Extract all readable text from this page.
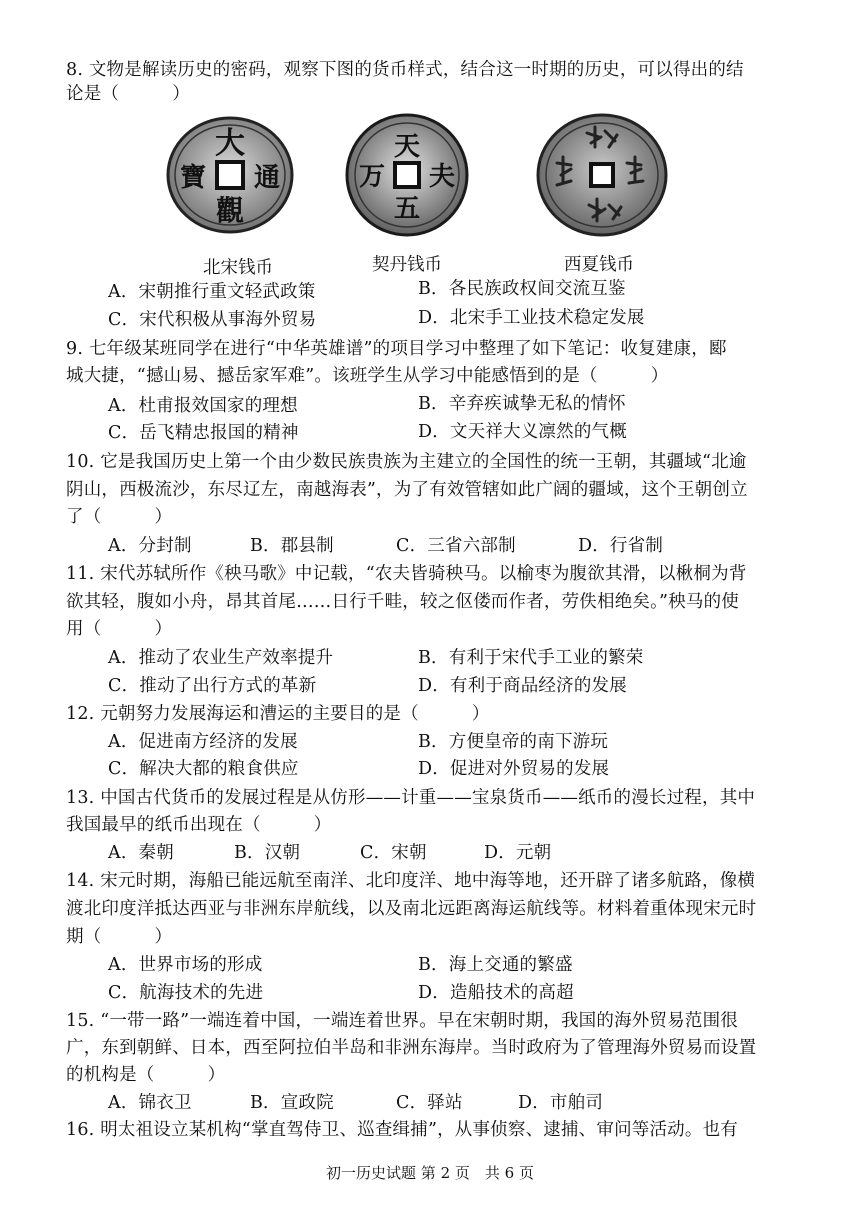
8. 文物是解读历史的密码，观察下图的货币样式，结合这一时期的历史，可以得出的结
论是（　　　）
大
通
觀
寶
天
夫
五
万
北宋钱币	契丹钱币	西夏钱币
A．宋朝推行重文轻武政策	B．各民族政权间交流互鉴
C．宋代积极从事海外贸易	D．北宋手工业技术稳定发展
9. 七年级某班同学在进行“中华英雄谱”的项目学习中整理了如下笔记：收复建康，郾
城大捷，“撼山易、撼岳家军难”。该班学生从学习中能感悟到的是（　　　）
A．杜甫报效国家的理想	B．辛弃疾诚挚无私的情怀
C．岳飞精忠报国的精神	D．文天祥大义凛然的气概
10. 它是我国历史上第一个由少数民族贵族为主建立的全国性的统一王朝，其疆域“北逾
阴山，西极流沙，东尽辽左，南越海表”，为了有效管辖如此广阔的疆域，这个王朝创立
了（　　　）
A．分封制	B．郡县制	C．三省六部制	D．行省制
11. 宋代苏轼所作《秧马歌》中记载，“农夫皆骑秧马。以榆枣为腹欲其滑，以楸桐为背
欲其轻，腹如小舟，昂其首尾……日行千畦，较之伛偻而作者，劳佚相绝矣。”秧马的使
用（　　　）
A．推动了农业生产效率提升	B．有利于宋代手工业的繁荣
C．推动了出行方式的革新	D．有利于商品经济的发展
12. 元朝努力发展海运和漕运的主要目的是（　　　）
A．促进南方经济的发展	B．方便皇帝的南下游玩
C．解决大都的粮食供应	D．促进对外贸易的发展
13. 中国古代货币的发展过程是从仿形——计重——宝泉货币——纸币的漫长过程，其中
我国最早的纸币出现在（　　　）
A．秦朝	B．汉朝	C．宋朝	D．元朝
14. 宋元时期，海船已能远航至南洋、北印度洋、地中海等地，还开辟了诸多航路，像横
渡北印度洋抵达西亚与非洲东岸航线，以及南北远距离海运航线等。材料着重体现宋元时
期（　　　）
A．世界市场的形成	B．海上交通的繁盛
C．航海技术的先进	D．造船技术的高超
15. “一带一路”一端连着中国，一端连着世界。早在宋朝时期，我国的海外贸易范围很
广，东到朝鲜、日本，西至阿拉伯半岛和非洲东海岸。当时政府为了管理海外贸易而设置
的机构是（　　　）
A．锦衣卫	B．宣政院	C．驿站	D．市舶司
16. 明太祖设立某机构“掌直驾侍卫、巡查缉捕”，从事侦察、逮捕、审问等活动。也有
初一历史试题 第 2 页　共 6 页
